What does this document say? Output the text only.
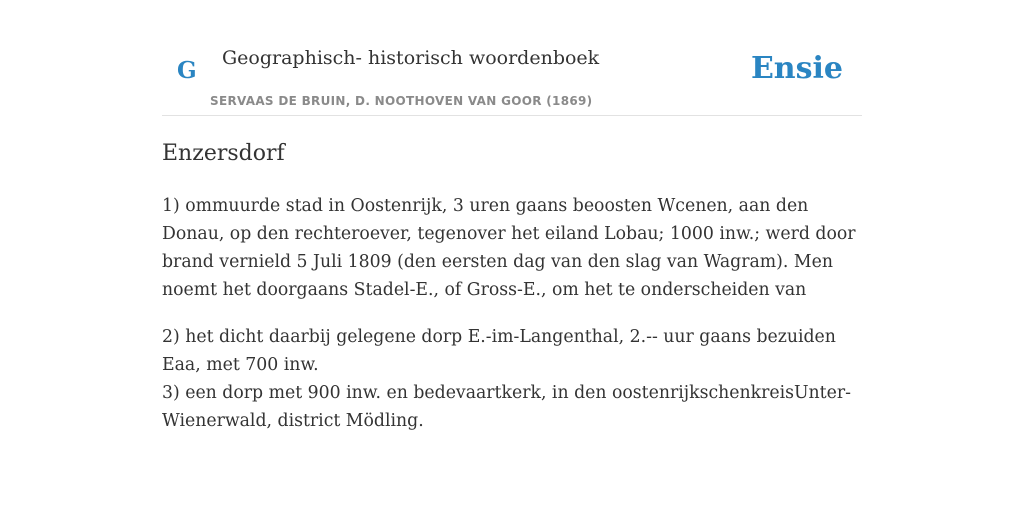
G Geographisch- historisch woordenboek
SERVAAS DE BRUIN, D. NOOTHOVEN VAN GOOR (1869)
Ensie
Enzersdorf

1) ommuurde stad in Oostenrijk, 3 uren gaans beoosten Wcenen, aan den Donau, op den rechteroever, tegenover het eiland Lobau; 1000 inw.; werd door brand vernield 5 Juli 1809 (den eersten dag van den slag van Wagram). Men noemt het doorgaans Stadel-E., of Gross-E., om het te onderscheiden van

2) het dicht daarbij gelegene dorp E.-im-Langenthal, 2.-- uur gaans bezuiden Eaa, met 700 inw.
3) een dorp met 900 inw. en bedevaartkerk, in den oostenrijkschenkreisUnter-Wienerwald, district Mödling.
